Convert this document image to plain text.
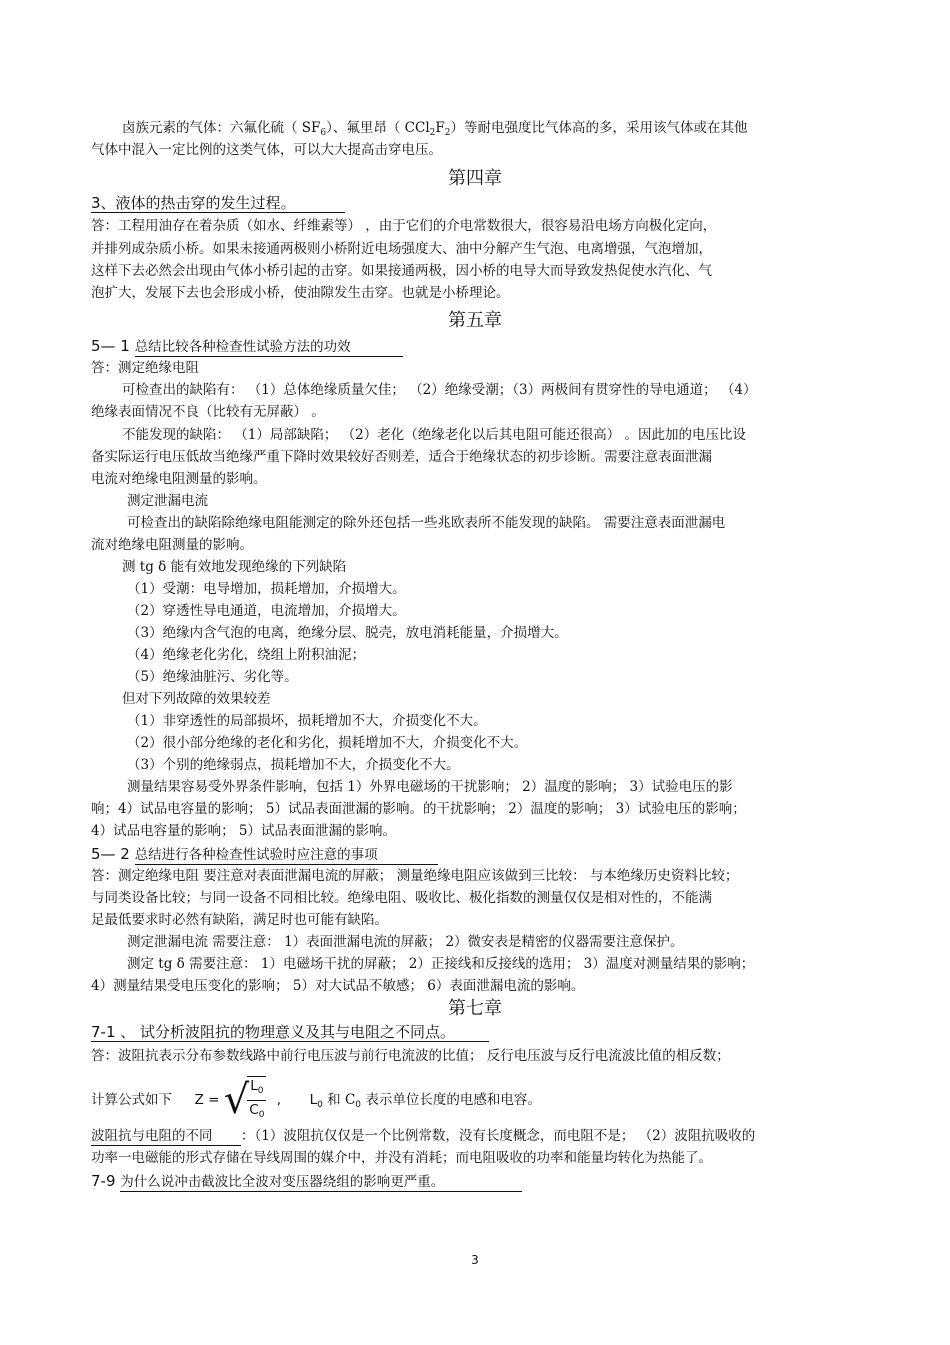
卤族元素的气体：六氟化硫（ $SF_6$）、氟里昂（ $CCl_2F_2$）等耐电强度比气体高的多，采用该气体或在其他
气体中混入一定比例的这类气体，可以大大提高击穿电压。
第四章
3、液体的热击穿的发生过程。
答：工程用油存在着杂质（如水、纤维素等） ，由于它们的介电常数很大，很容易沿电场方向极化定向，
并排列成杂质小桥。如果未接通两极则小桥附近电场强度大、油中分解产生气泡、电离增强，气泡增加，
这样下去必然会出现由气体小桥引起的击穿。如果接通两极，因小桥的电导大而导致发热促使水汽化、气
泡扩大，发展下去也会形成小桥，使油隙发生击穿。也就是小桥理论。
第五章
5— 1 总结比较各种检查性试验方法的功效
答：测定绝缘电阻
可检查出的缺陷有： （1）总体绝缘质量欠佳； （2）绝缘受潮；（3）两极间有贯穿性的导电通道； （4）
绝缘表面情况不良（比较有无屏蔽） 。
不能发现的缺陷： （1）局部缺陷； （2）老化（绝缘老化以后其电阻可能还很高） 。因此加的电压比设
备实际运行电压低故当绝缘严重下降时效果较好否则差，适合于绝缘状态的初步诊断。需要注意表面泄漏
电流对绝缘电阻测量的影响。
测定泄漏电流
可检查出的缺陷除绝缘电阻能测定的除外还包括一些兆欧表所不能发现的缺陷。 需要注意表面泄漏电
流对绝缘电阻测量的影响。
测 tg δ 能有效地发现绝缘的下列缺陷
（1）受潮：电导增加，损耗增加，介损增大。
（2）穿透性导电通道，电流增加，介损增大。
（3）绝缘内含气泡的电离，绝缘分层、脱壳，放电消耗能量，介损增大。
（4）绝缘老化劣化，绕组上附积油泥；
（5）绝缘油脏污、劣化等。
但对下列故障的效果较差
（1）非穿透性的局部损坏，损耗增加不大，介损变化不大。
（2）很小部分绝缘的老化和劣化，损耗增加不大，介损变化不大。
（3）个别的绝缘弱点，损耗增加不大，介损变化不大。
测量结果容易受外界条件影响，包括 1）外界电磁场的干扰影响； 2）温度的影响； 3）试验电压的影
响；4）试品电容量的影响； 5）试品表面泄漏的影响。的干扰影响； 2）温度的影响； 3）试验电压的影响；
4）试品电容量的影响； 5）试品表面泄漏的影响。
5— 2 总结进行各种检查性试验时应注意的事项
答：测定绝缘电阻 要注意对表面泄漏电流的屏蔽； 测量绝缘电阻应该做到三比较： 与本绝缘历史资料比较；
与同类设备比较；与同一设备不同相比较。绝缘电阻、吸收比、极化指数的测量仅仅是相对性的，不能满
足最低要求时必然有缺陷，满足时也可能有缺陷。
测定泄漏电流 需要注意： 1）表面泄漏电流的屏蔽； 2）微安表是精密的仪器需要注意保护。
测定 tg δ 需要注意： 1）电磁场干扰的屏蔽； 2）正接线和反接线的选用； 3）温度对测量结果的影响；
4）测量结果受电压变化的影响； 5）对大试品不敏感； 6）表面泄漏电流的影响。
第七章
7-1 、 试分析波阻抗的物理意义及其与电阻之不同点。
答：波阻抗表示分布参数线路中前行电压波与前行电流波的比值； 反行电压波与反行电流波比值的相反数；
计算公式如下 Z = √
$\frac{L_0}{C_0}$ , $L_0$ 和 $C_0$ 表示单位长度的电感和电容。
波阻抗与电阻的不同 ：（1）波阻抗仅仅是一个比例常数，没有长度概念，而电阻不是； （2）波阻抗吸收的
功率一电磁能的形式存储在导线周围的媒介中，并没有消耗；而电阻吸收的功率和能量均转化为热能了。
7-9 为什么说冲击截波比全波对变压器绕组的影响更严重。
3
